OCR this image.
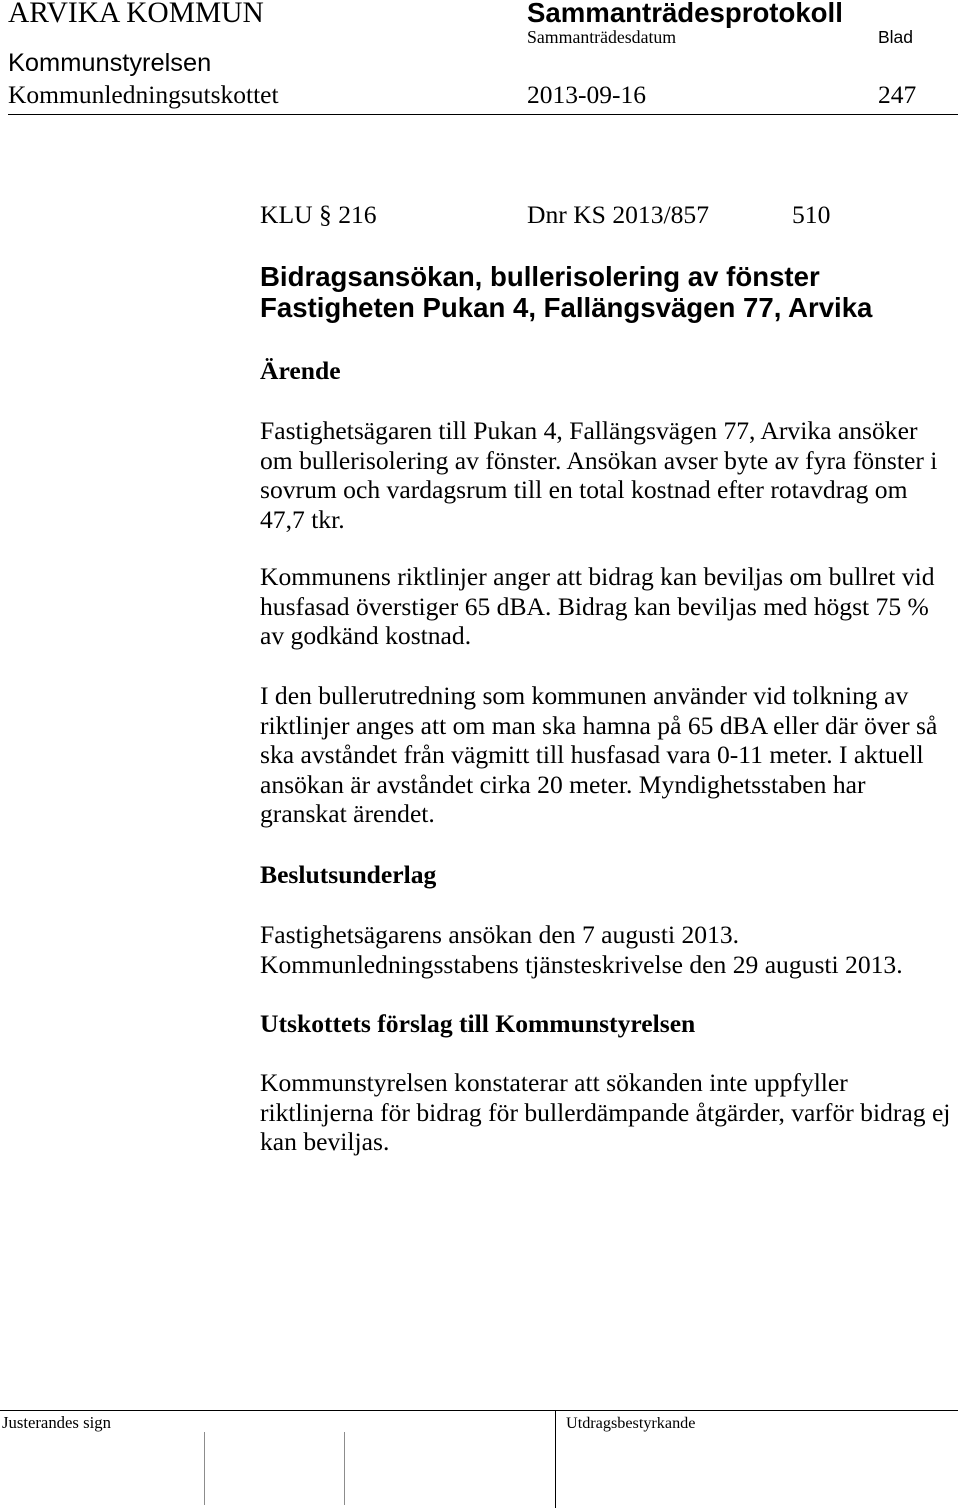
ARVIKA KOMMUN	Sammanträdesprotokoll
Sammanträdesdatum	Blad
Kommunstyrelsen
Kommunledningsutskottet	2013-09-16	247
KLU § 216	Dnr KS 2013/857	510
Bidragsansökan, bullerisolering av fönster
Fastigheten Pukan 4, Fallängsvägen 77, Arvika
Ärende
Fastighetsägaren till Pukan 4, Fallängsvägen 77, Arvika ansöker
om bullerisolering av fönster. Ansökan avser byte av fyra fönster i
sovrum och vardagsrum till en total kostnad efter rotavdrag om
47,7 tkr.
Kommunens riktlinjer anger att bidrag kan beviljas om bullret vid
husfasad överstiger 65 dBA. Bidrag kan beviljas med högst 75 %
av godkänd kostnad.
I den bullerutredning som kommunen använder vid tolkning av
riktlinjer anges att om man ska hamna på 65 dBA eller där över så
ska avståndet från vägmitt till husfasad vara 0-11 meter. I aktuell
ansökan är avståndet cirka 20 meter. Myndighetsstaben har
granskat ärendet.
Beslutsunderlag
Fastighetsägarens ansökan den 7 augusti 2013.
Kommunledningsstabens tjänsteskrivelse den 29 augusti 2013.
Utskottets förslag till Kommunstyrelsen
Kommunstyrelsen konstaterar att sökanden inte uppfyller
riktlinjerna för bidrag för bullerdämpande åtgärder, varför bidrag ej
kan beviljas.
Justerandes sign	Utdragsbestyrkande
